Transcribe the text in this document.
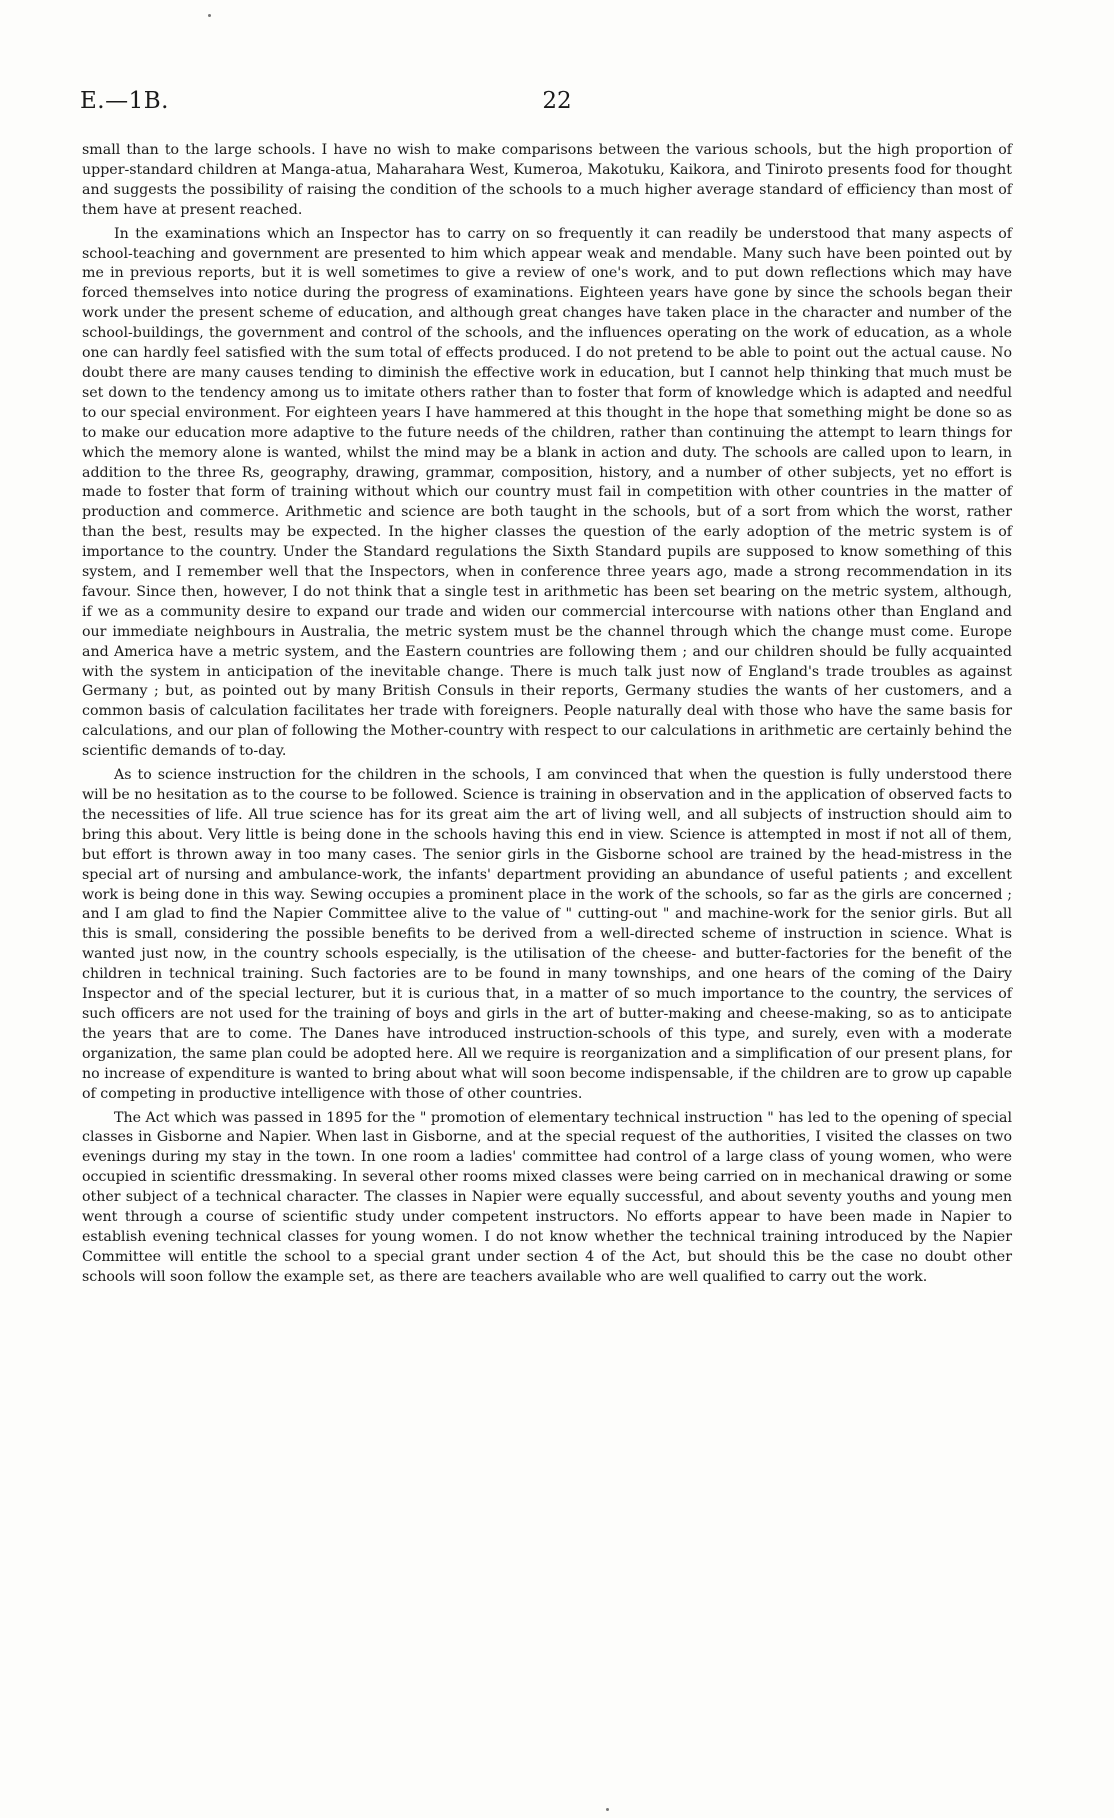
E.—1B.	22

small than to the large schools. I have no wish to make comparisons between the various schools, but the high proportion of upper-standard children at Manga-atua, Maharahara West, Kumeroa, Makotuku, Kaikora, and Tiniroto presents food for thought and suggests the possibility of raising the condition of the schools to a much higher average standard of efficiency than most of them have at present reached.

In the examinations which an Inspector has to carry on so frequently it can readily be understood that many aspects of school-teaching and government are presented to him which appear weak and mendable. Many such have been pointed out by me in previous reports, but it is well sometimes to give a review of one's work, and to put down reflections which may have forced themselves into notice during the progress of examinations. Eighteen years have gone by since the schools began their work under the present scheme of education, and although great changes have taken place in the character and number of the school-buildings, the government and control of the schools, and the influences operating on the work of education, as a whole one can hardly feel satisfied with the sum total of effects produced. I do not pretend to be able to point out the actual cause. No doubt there are many causes tending to diminish the effective work in education, but I cannot help thinking that much must be set down to the tendency among us to imitate others rather than to foster that form of knowledge which is adapted and needful to our special environment. For eighteen years I have hammered at this thought in the hope that something might be done so as to make our education more adaptive to the future needs of the children, rather than continuing the attempt to learn things for which the memory alone is wanted, whilst the mind may be a blank in action and duty. The schools are called upon to learn, in addition to the three Rs, geography, drawing, grammar, composition, history, and a number of other subjects, yet no effort is made to foster that form of training without which our country must fail in competition with other countries in the matter of production and commerce. Arithmetic and science are both taught in the schools, but of a sort from which the worst, rather than the best, results may be expected. In the higher classes the question of the early adoption of the metric system is of importance to the country. Under the Standard regulations the Sixth Standard pupils are supposed to know something of this system, and I remember well that the Inspectors, when in conference three years ago, made a strong recommendation in its favour. Since then, however, I do not think that a single test in arithmetic has been set bearing on the metric system, although, if we as a community desire to expand our trade and widen our commercial intercourse with nations other than England and our immediate neighbours in Australia, the metric system must be the channel through which the change must come. Europe and America have a metric system, and the Eastern countries are following them ; and our children should be fully acquainted with the system in anticipation of the inevitable change. There is much talk just now of England's trade troubles as against Germany ; but, as pointed out by many British Consuls in their reports, Germany studies the wants of her customers, and a common basis of calculation facilitates her trade with foreigners. People naturally deal with those who have the same basis for calculations, and our plan of following the Mother-country with respect to our calculations in arithmetic are certainly behind the scientific demands of to-day.

As to science instruction for the children in the schools, I am convinced that when the question is fully understood there will be no hesitation as to the course to be followed. Science is training in observation and in the application of observed facts to the necessities of life. All true science has for its great aim the art of living well, and all subjects of instruction should aim to bring this about. Very little is being done in the schools having this end in view. Science is attempted in most if not all of them, but effort is thrown away in too many cases. The senior girls in the Gisborne school are trained by the head-mistress in the special art of nursing and ambulance-work, the infants' department providing an abundance of useful patients ; and excellent work is being done in this way. Sewing occupies a prominent place in the work of the schools, so far as the girls are concerned ; and I am glad to find the Napier Committee alive to the value of " cutting-out " and machine-work for the senior girls. But all this is small, considering the possible benefits to be derived from a well-directed scheme of instruction in science. What is wanted just now, in the country schools especially, is the utilisation of the cheese- and butter-factories for the benefit of the children in technical training. Such factories are to be found in many townships, and one hears of the coming of the Dairy Inspector and of the special lecturer, but it is curious that, in a matter of so much importance to the country, the services of such officers are not used for the training of boys and girls in the art of butter-making and cheese-making, so as to anticipate the years that are to come. The Danes have introduced instruction-schools of this type, and surely, even with a moderate organization, the same plan could be adopted here. All we require is reorganization and a simplification of our present plans, for no increase of expenditure is wanted to bring about what will soon become indispensable, if the children are to grow up capable of competing in productive intelligence with those of other countries.

The Act which was passed in 1895 for the " promotion of elementary technical instruction " has led to the opening of special classes in Gisborne and Napier. When last in Gisborne, and at the special request of the authorities, I visited the classes on two evenings during my stay in the town. In one room a ladies' committee had control of a large class of young women, who were occupied in scientific dressmaking. In several other rooms mixed classes were being carried on in mechanical drawing or some other subject of a technical character. The classes in Napier were equally successful, and about seventy youths and young men went through a course of scientific study under competent instructors. No efforts appear to have been made in Napier to establish evening technical classes for young women. I do not know whether the technical training introduced by the Napier Committee will entitle the school to a special grant under section 4 of the Act, but should this be the case no doubt other schools will soon follow the example set, as there are teachers available who are well qualified to carry out the work.
